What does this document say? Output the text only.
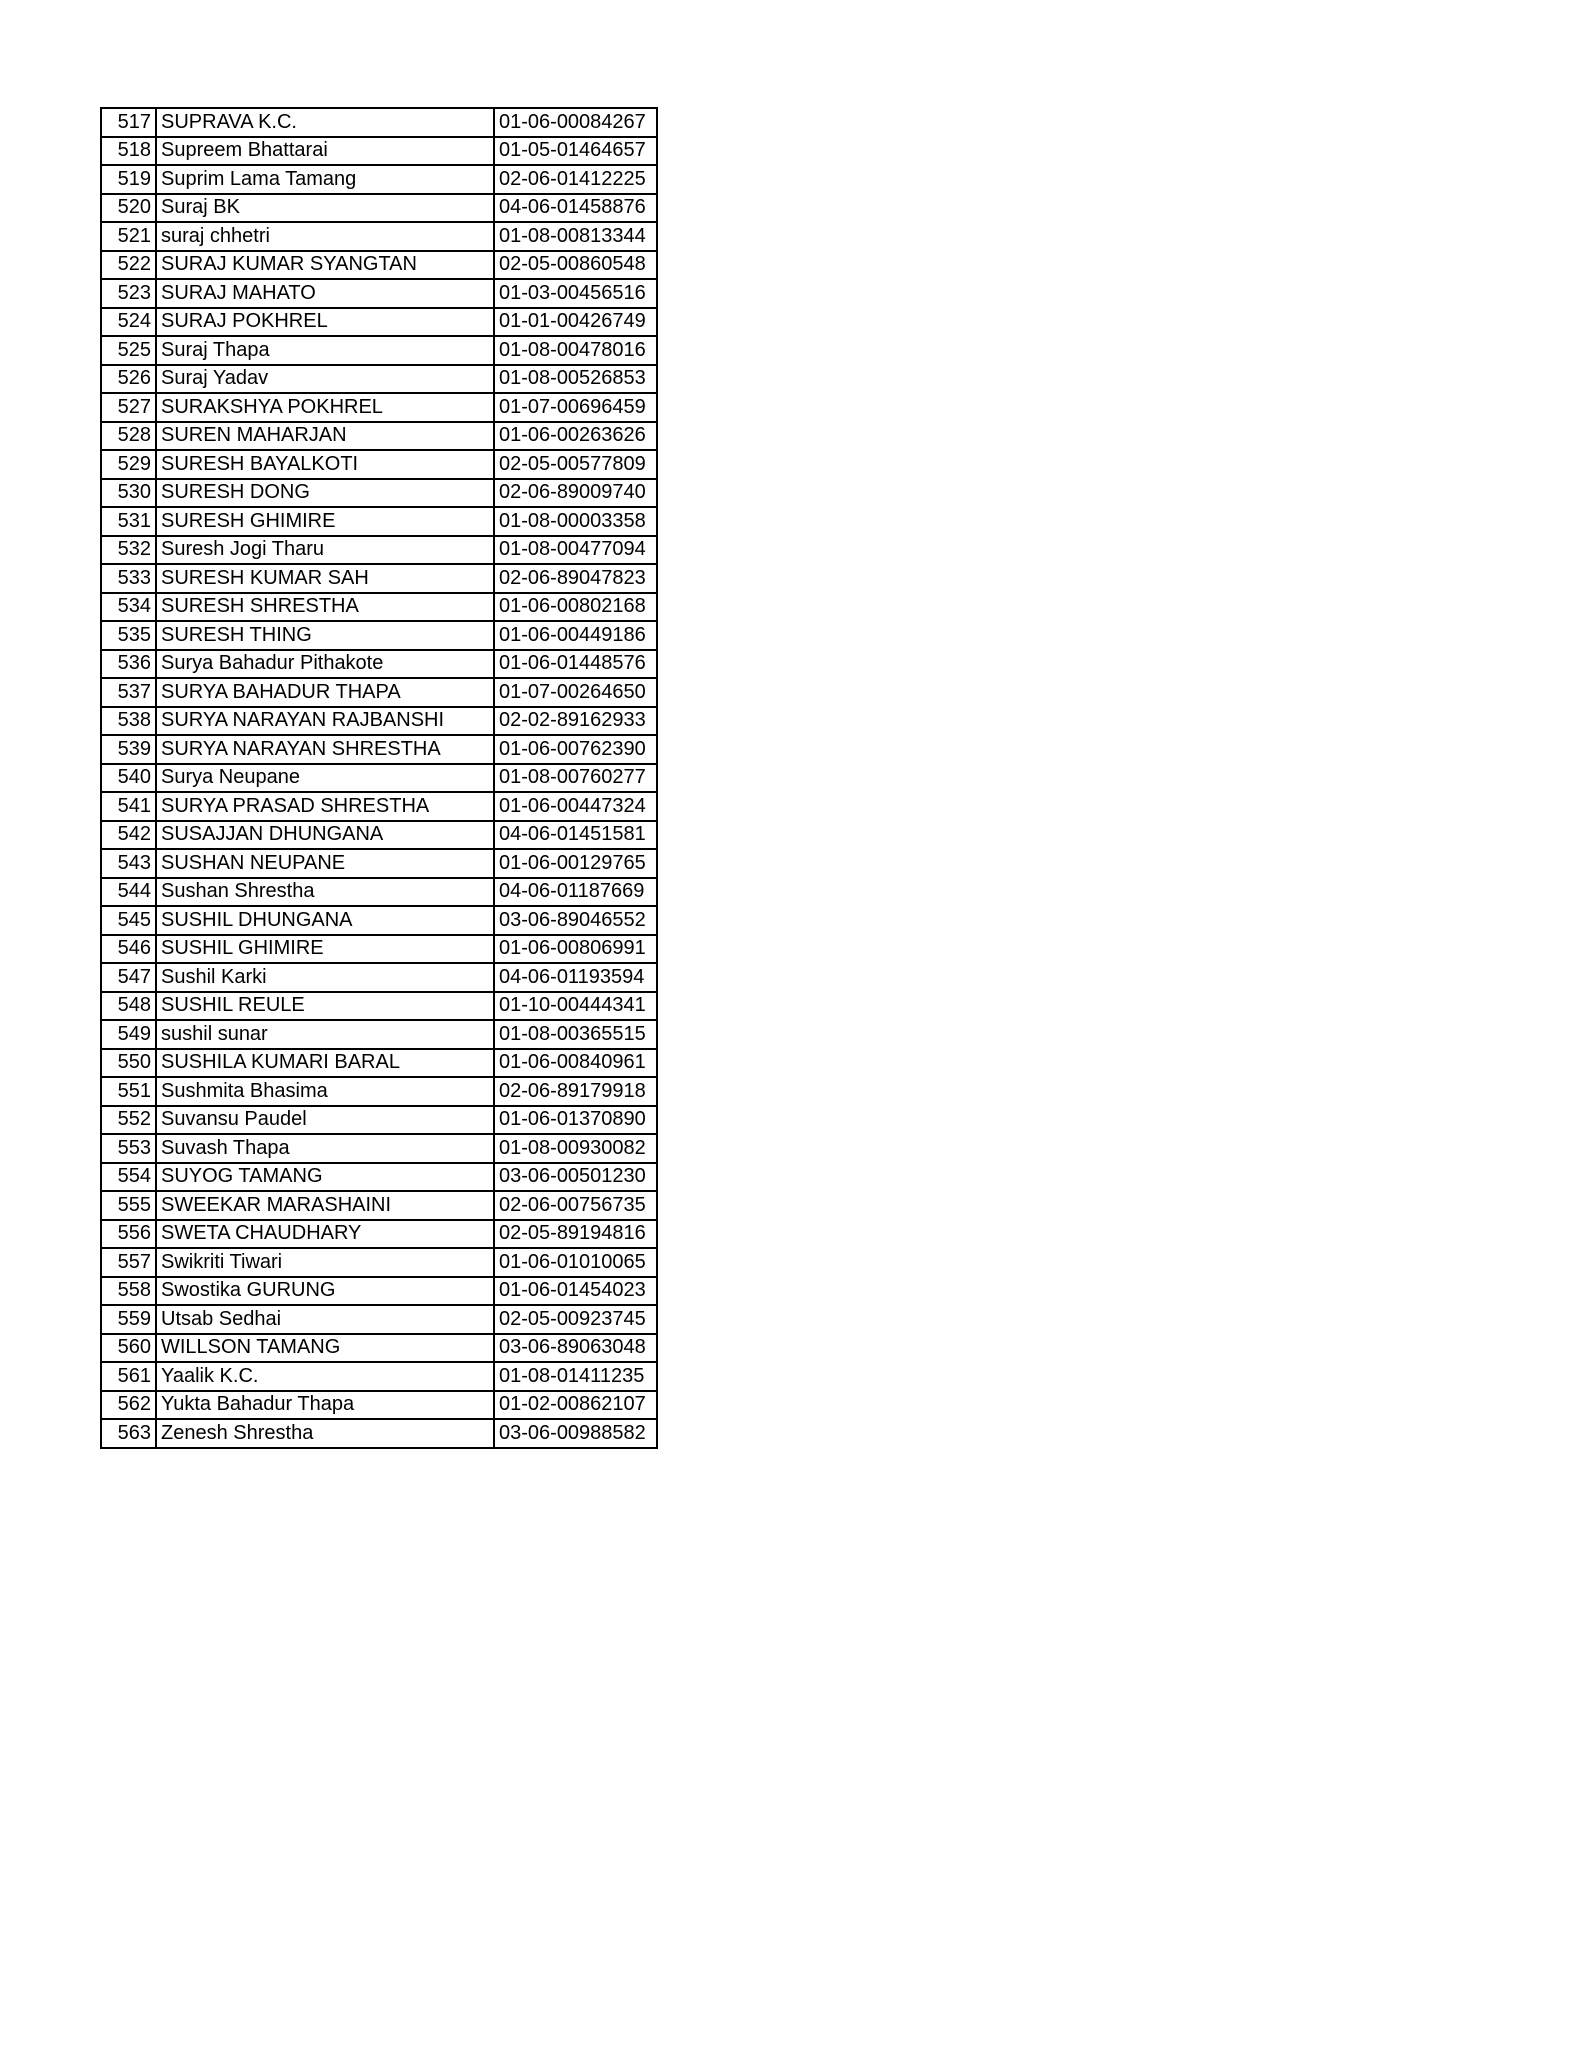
517	SUPRAVA K.C.	01-06-00084267
518	Supreem Bhattarai	01-05-01464657
519	Suprim Lama Tamang	02-06-01412225
520	Suraj BK	04-06-01458876
521	suraj chhetri	01-08-00813344
522	SURAJ KUMAR SYANGTAN	02-05-00860548
523	SURAJ MAHATO	01-03-00456516
524	SURAJ POKHREL	01-01-00426749
525	Suraj Thapa	01-08-00478016
526	Suraj Yadav	01-08-00526853
527	SURAKSHYA POKHREL	01-07-00696459
528	SUREN MAHARJAN	01-06-00263626
529	SURESH BAYALKOTI	02-05-00577809
530	SURESH DONG	02-06-89009740
531	SURESH GHIMIRE	01-08-00003358
532	Suresh Jogi Tharu	01-08-00477094
533	SURESH KUMAR SAH	02-06-89047823
534	SURESH SHRESTHA	01-06-00802168
535	SURESH THING	01-06-00449186
536	Surya Bahadur Pithakote	01-06-01448576
537	SURYA BAHADUR THAPA	01-07-00264650
538	SURYA NARAYAN RAJBANSHI	02-02-89162933
539	SURYA NARAYAN SHRESTHA	01-06-00762390
540	Surya Neupane	01-08-00760277
541	SURYA PRASAD SHRESTHA	01-06-00447324
542	SUSAJJAN DHUNGANA	04-06-01451581
543	SUSHAN NEUPANE	01-06-00129765
544	Sushan Shrestha	04-06-01187669
545	SUSHIL DHUNGANA	03-06-89046552
546	SUSHIL GHIMIRE	01-06-00806991
547	Sushil Karki	04-06-01193594
548	SUSHIL REULE	01-10-00444341
549	sushil sunar	01-08-00365515
550	SUSHILA KUMARI BARAL	01-06-00840961
551	Sushmita Bhasima	02-06-89179918
552	Suvansu Paudel	01-06-01370890
553	Suvash Thapa	01-08-00930082
554	SUYOG TAMANG	03-06-00501230
555	SWEEKAR MARASHAINI	02-06-00756735
556	SWETA CHAUDHARY	02-05-89194816
557	Swikriti Tiwari	01-06-01010065
558	Swostika GURUNG	01-06-01454023
559	Utsab Sedhai	02-05-00923745
560	WILLSON TAMANG	03-06-89063048
561	Yaalik K.C.	01-08-01411235
562	Yukta Bahadur Thapa	01-02-00862107
563	Zenesh Shrestha	03-06-00988582
